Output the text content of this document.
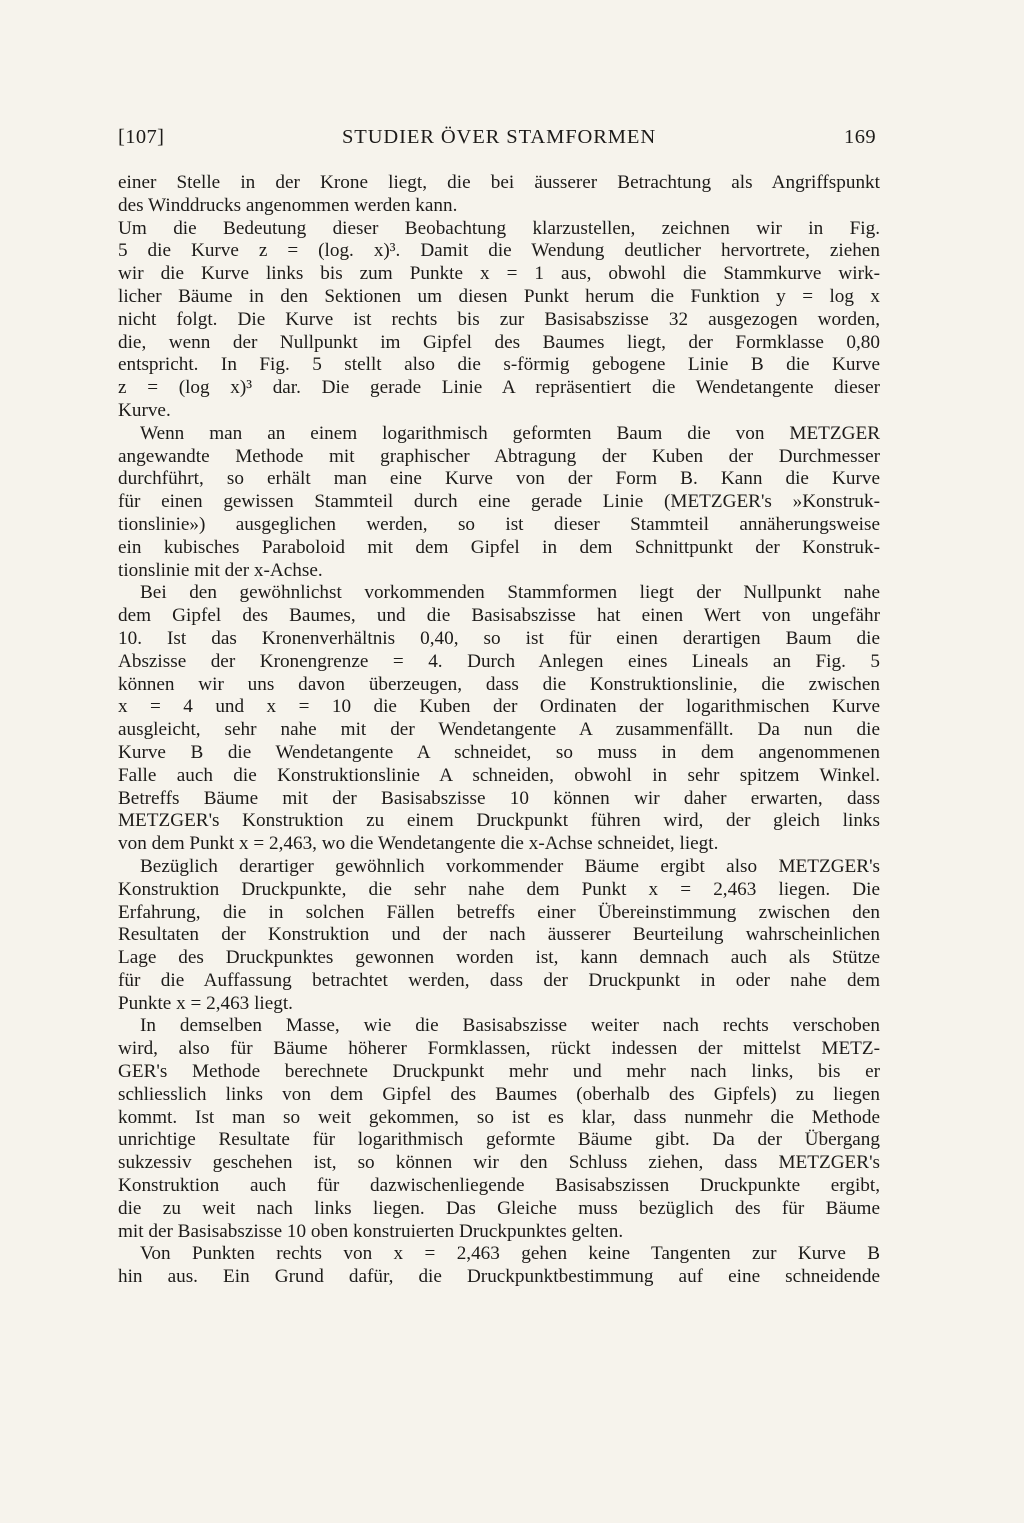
[107]	STUDIER ÖVER STAMFORMEN	169

einer Stelle in der Krone liegt, die bei äusserer Betrachtung als Angriffspunkt

des Winddrucks angenommen werden kann.

Um die Bedeutung dieser Beobachtung klarzustellen, zeichnen wir in Fig.

5 die Kurve z = (log. x)³. Damit die Wendung deutlicher hervortrete, ziehen

wir die Kurve links bis zum Punkte x = 1 aus, obwohl die Stammkurve wirk-

licher Bäume in den Sektionen um diesen Punkt herum die Funktion y = log x

nicht folgt. Die Kurve ist rechts bis zur Basisabszisse 32 ausgezogen worden,

die, wenn der Nullpunkt im Gipfel des Baumes liegt, der Formklasse 0,80

entspricht. In Fig. 5 stellt also die s-förmig gebogene Linie B die Kurve

z = (log x)³ dar. Die gerade Linie A repräsentiert die Wendetangente dieser

Kurve.

Wenn man an einem logarithmisch geformten Baum die von METZGER

angewandte Methode mit graphischer Abtragung der Kuben der Durchmesser

durchführt, so erhält man eine Kurve von der Form B. Kann die Kurve

für einen gewissen Stammteil durch eine gerade Linie (METZGER's »Konstruk-

tionslinie») ausgeglichen werden, so ist dieser Stammteil annäherungsweise

ein kubisches Paraboloid mit dem Gipfel in dem Schnittpunkt der Konstruk-

tionslinie mit der x-Achse.

Bei den gewöhnlichst vorkommenden Stammformen liegt der Nullpunkt nahe

dem Gipfel des Baumes, und die Basisabszisse hat einen Wert von ungefähr

10. Ist das Kronenverhältnis 0,40, so ist für einen derartigen Baum die

Abszisse der Kronengrenze = 4. Durch Anlegen eines Lineals an Fig. 5

können wir uns davon überzeugen, dass die Konstruktionslinie, die zwischen

x = 4 und x = 10 die Kuben der Ordinaten der logarithmischen Kurve

ausgleicht, sehr nahe mit der Wendetangente A zusammenfällt. Da nun die

Kurve B die Wendetangente A schneidet, so muss in dem angenommenen

Falle auch die Konstruktionslinie A schneiden, obwohl in sehr spitzem Winkel.

Betreffs Bäume mit der Basisabszisse 10 können wir daher erwarten, dass

METZGER's Konstruktion zu einem Druckpunkt führen wird, der gleich links

von dem Punkt x = 2,463, wo die Wendetangente die x-Achse schneidet, liegt.

Bezüglich derartiger gewöhnlich vorkommender Bäume ergibt also METZGER's

Konstruktion Druckpunkte, die sehr nahe dem Punkt x = 2,463 liegen. Die

Erfahrung, die in solchen Fällen betreffs einer Übereinstimmung zwischen den

Resultaten der Konstruktion und der nach äusserer Beurteilung wahrscheinlichen

Lage des Druckpunktes gewonnen worden ist, kann demnach auch als Stütze

für die Auffassung betrachtet werden, dass der Druckpunkt in oder nahe dem

Punkte x = 2,463 liegt.

In demselben Masse, wie die Basisabszisse weiter nach rechts verschoben

wird, also für Bäume höherer Formklassen, rückt indessen der mittelst METZ-

GER's Methode berechnete Druckpunkt mehr und mehr nach links, bis er

schliesslich links von dem Gipfel des Baumes (oberhalb des Gipfels) zu liegen

kommt. Ist man so weit gekommen, so ist es klar, dass nunmehr die Methode

unrichtige Resultate für logarithmisch geformte Bäume gibt. Da der Übergang

sukzessiv geschehen ist, so können wir den Schluss ziehen, dass METZGER's

Konstruktion auch für dazwischenliegende Basisabszissen Druckpunkte ergibt,

die zu weit nach links liegen. Das Gleiche muss bezüglich des für Bäume

mit der Basisabszisse 10 oben konstruierten Druckpunktes gelten.

Von Punkten rechts von x = 2,463 gehen keine Tangenten zur Kurve B

hin aus. Ein Grund dafür, die Druckpunktbestimmung auf eine schneidende
